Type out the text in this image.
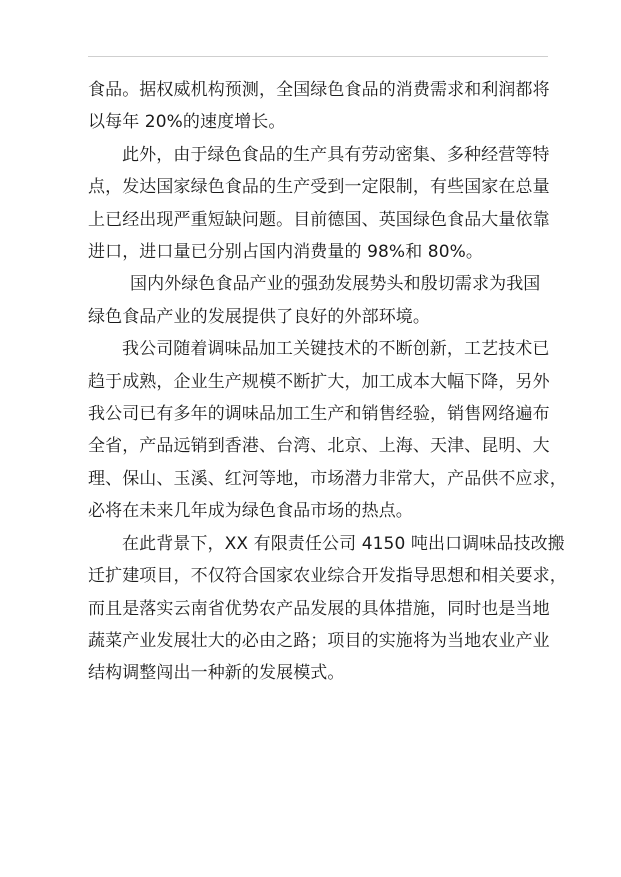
食品。据权威机构预测，全国绿色食品的消费需求和利润都将
以每年 20%的速度增长。

此外，由于绿色食品的生产具有劳动密集、多种经营等特
点，发达国家绿色食品的生产受到一定限制，有些国家在总量
上已经出现严重短缺问题。目前德国、英国绿色食品大量依靠
进口，进口量已分别占国内消费量的 98%和 80%。

国内外绿色食品产业的强劲发展势头和殷切需求为我国
绿色食品产业的发展提供了良好的外部环境。

我公司随着调味品加工关键技术的不断创新，工艺技术已
趋于成熟，企业生产规模不断扩大，加工成本大幅下降，另外
我公司已有多年的调味品加工生产和销售经验，销售网络遍布
全省，产品远销到香港、台湾、北京、上海、天津、昆明、大
理、保山、玉溪、红河等地，市场潜力非常大，产品供不应求，
必将在未来几年成为绿色食品市场的热点。

在此背景下，XX 有限责任公司 4150 吨出口调味品技改搬
迁扩建项目，不仅符合国家农业综合开发指导思想和相关要求，
而且是落实云南省优势农产品发展的具体措施，同时也是当地
蔬菜产业发展壮大的必由之路；项目的实施将为当地农业产业
结构调整闯出一种新的发展模式。
